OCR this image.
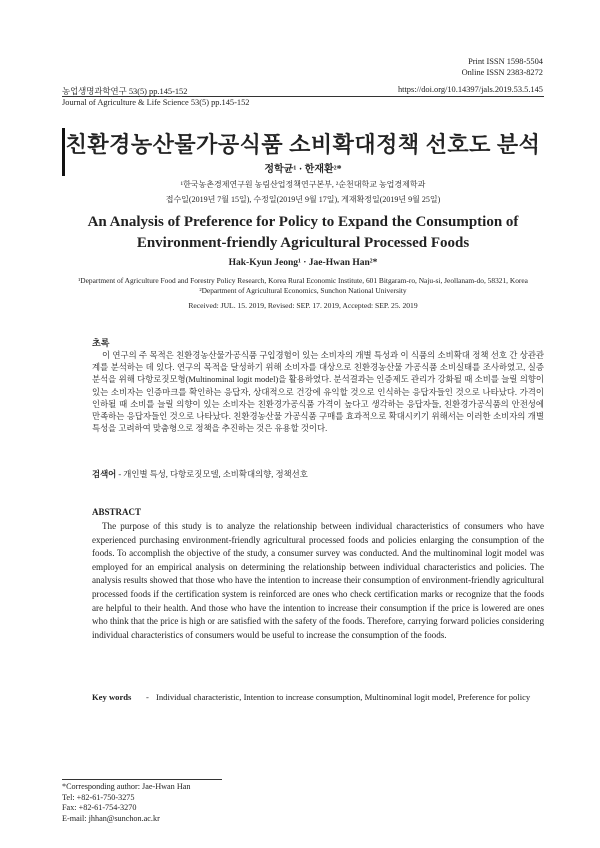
Print ISSN 1598-5504
Online ISSN 2383-8272
농업생명과학연구 53(5) pp.145-152	https://doi.org/10.14397/jals.2019.53.5.145
Journal of Agriculture & Life Science 53(5) pp.145-152
친환경농산물가공식품 소비확대정책 선호도 분석
정학균¹ · 한재환²*
¹한국농촌경제연구원 농림산업정책연구본부, ²순천대학교 농업경제학과
접수일(2019년 7월 15일), 수정일(2019년 9월 17일), 게재확정일(2019년 9월 25일)
An Analysis of Preference for Policy to Expand the Consumption of
Environment-friendly Agricultural Processed Foods
Hak-Kyun Jeong¹ · Jae-Hwan Han²*
¹Department of Agriculture Food and Forestry Policy Research, Korea Rural Economic Institute, 601 Bitgaram-ro, Naju-si, Jeollanam-do, 58321, Korea
²Department of Agricultural Economics, Sunchon National University
Received: JUL. 15. 2019, Revised: SEP. 17. 2019, Accepted: SEP. 25. 2019
초록
이 연구의 주 목적은 친환경농산물가공식품 구입경험이 있는 소비자의 개별 특성과 이 식품의 소비확대 정책 선호 간 상관관계를 분석하는 데 있다. 연구의 목적을 달성하기 위해 소비자를 대상으로 친환경농산물 가공식품 소비실태를 조사하였고, 실증 분석을 위해 다항로짓모형(Multinominal logit model)을 활용하였다. 분석결과는 인증제도 관리가 강화될 때 소비를 늘릴 의향이 있는 소비자는 인증마크를 확인하는 응답자, 상대적으로 건강에 유익할 것으로 인식하는 응답자들인 것으로 나타났다. 가격이 인하될 때 소비를 늘릴 의향이 있는 소비자는 친환경가공식품 가격이 높다고 생각하는 응답자들, 친환경가공식품의 안전성에 만족하는 응답자들인 것으로 나타났다. 친환경농산물 가공식품 구매를 효과적으로 확대시키기 위해서는 이러한 소비자의 개별특성을 고려하여 맞춤형으로 정책을 추진하는 것은 유용할 것이다.
검색어 - 개인별 특성, 다항로짓모델, 소비확대의향, 정책선호
ABSTRACT
The purpose of this study is to analyze the relationship between individual characteristics of consumers who have experienced purchasing environment-friendly agricultural processed foods and policies enlarging the consumption of the foods. To accomplish the objective of the study, a consumer survey was conducted. And the multinominal logit model was employed for an empirical analysis on determining the relationship between individual characteristics and policies. The analysis results showed that those who have the intention to increase their consumption of environment-friendly agricultural processed foods if the certification system is reinforced are ones who check certification marks or recognize that the foods are helpful to their health. And those who have the intention to increase their consumption if the price is lowered are ones who think that the price is high or are satisfied with the safety of the foods. Therefore, carrying forward policies considering individual characteristics of consumers would be useful to increase the consumption of the foods.
Key words - Individual characteristic, Intention to increase consumption, Multinominal logit model, Preference for policy
*Corresponding author: Jae-Hwan Han
Tel: +82-61-750-3275
Fax: +82-61-754-3270
E-mail: jhhan@sunchon.ac.kr
